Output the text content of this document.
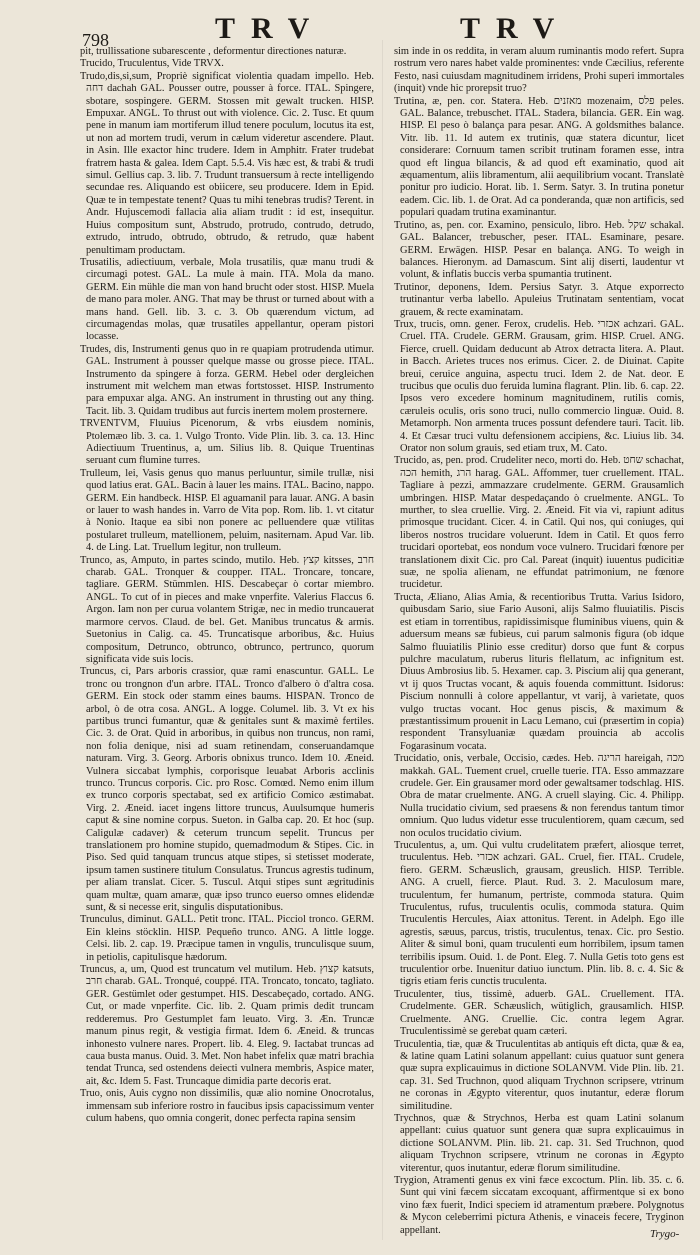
798	TRV	TRV

pit, trullissatione subarescente , deformentur directiones naturæ.

Trucido, Truculentus, Vide TRVX.

Trudo,dis,si,sum, Propriè significat violentia quadam impello. Heb. דחה dachah GAL. Pousser outre, pousser à force. ITAL. Spingere, sbotare, sospingere. GERM. Stossen mit gewalt trucken. HISP. Empuxar. ANGL. To thrust out with violence. Cic. 2. Tusc. Et quum pene in manum iam mortiferum illud tenere poculum, locutus ita est, ut non ad mortem trudi, verum in cælum videretur ascendere. Plaut. in Asin. Ille exactor hinc trudere. Idem in Amphitr. Frater trudebat fratrem hasta & galea. Idem Capt. 5.5.4. Vis hæc est, & trabi & trudi simul. Gellius cap. 3. lib. 7. Trudunt transuersum à recte intelligendo secundae res. Aliquando est obiicere, seu producere. Idem in Epid. Quæ te in tempestate tenent? Quas tu mihi tenebras trudis? Terent. in Andr. Hujuscemodi fallacia alia aliam trudit : id est, insequitur. Huius compositum sunt, Abstrudo, protrudo, contrudo, detrudo, extrudo, intrudo, obtrudo, obtrudo, & retrudo, quæ habent penultimam productam.

Trusatilis, adiectiuum, verbale, Mola trusatilis, quæ manu trudi & circumagi potest. GAL. La mule à main. ITA. Mola da mano. GERM. Ein mühle die man von hand brucht oder stost. HISP. Muela de mano para moler. ANG. That may be thrust or turned about with a mans hand. Gell. lib. 3. c. 3. Ob quærendum victum, ad circumagendas molas, quæ trusatiles appellantur, operam pistori locasse.

Trudes, dis, Instrumenti genus quo in re quapiam protrudenda utimur. GAL. Instrument à pousser quelque masse ou grosse piece. ITAL. Instrumento da spingere à forza. GERM. Hebel oder dergleichen instrument mit welchem man etwas fortstosset. HISP. Instrumento para empuxar alga. ANG. An instrument in thrusting out any thing. Tacit. lib. 3. Quidam trudibus aut furcis inertem molem prosternere.

TRVENTVM, Fluuius Picenorum, & vrbs eiusdem nominis, Ptolemæo lib. 3. ca. 1. Vulgo Tronto. Vide Plin. lib. 3. ca. 13. Hinc Adiectiuum Truentinus, a, um. Silius lib. 8. Quique Truentinas seruant cum flumine turres.

Trulleum, lei, Vasis genus quo manus perluuntur, simile trullæ, nisi quod latius erat. GAL. Bacin à lauer les mains. ITAL. Bacino, nappo. GERM. Ein handbeck. HISP. El aguamanil para lauar. ANG. A basin or lauer to wash handes in. Varro de Vita pop. Rom. lib. 1. vt citatur à Nonio. Itaque ea sibi non ponere ac pelluendere quæ vtilitas postularet trulleum, matellionem, peluim, nasiternam. Apud Var. lib. 4. de Ling. Lat. Truellum legitur, non trulleum.

Trunco, as, Amputo, in partes scindo, mutilo. Heb. קצץ kitsses, חרב charab. GAL. Tronquer & coupper. ITAL. Troncare, toncare, tagliare. GERM. Stümmlen. HIS. Descabeçar ò cortar miembro. ANGL. To cut of in pieces and make vnperfite. Valerius Flaccus 6. Argon. Iam non per curua volantem Strigæ, nec in medio truncauerat marmore cervos. Claud. de bel. Get. Manibus truncatus & armis. Suetonius in Calig. ca. 45. Truncatisque arboribus, &c. Huius compositum, Detrunco, obtrunco, obtrunco, pertrunco, quorum significata vide suis locis.

Truncus, ci, Pars arboris crassior, quæ rami enascuntur. GALL. Le tronc ou trongnon d'un arbre. ITAL. Tronco d'albero ò d'altra cosa. GERM. Ein stock oder stamm eines baums. HISPAN. Tronco de arbol, ò de otra cosa. ANGL. A logge. Columel. lib. 3. Vt ex his partibus trunci fumantur, quæ & genitales sunt & maximè fertiles. Cic. 3. de Orat. Quid in arboribus, in quibus non truncus, non rami, non folia denique, nisi ad suam retinendam, conseruandamque naturam. Virg. 3. Georg. Arboris obnixus trunco. Idem 10. Æneid. Vulnera siccabat lymphis, corporisque leuabat Arboris acclinis trunco. Truncus corporis. Cic. pro Rosc. Comœd. Nemo enim illum ex trunco corporis spectabat, sed ex artificio Comico æstimabat. Virg. 2. Æneid. iacet ingens littore truncus, Auulsumque humeris caput & sine nomine corpus. Sueton. in Galba cap. 20. Et hoc (sup. Caligulæ cadaver) & ceterum truncum sepelit. Truncus per translationem pro homine stupido, quemadmodum & Stipes. Cic. in Piso. Sed quid tanquam truncus atque stipes, si stetisset moderate, ipsum tamen sustinere titulum Consulatus. Truncus agrestis tudinum, per aliam translat. Cicer. 5. Tuscul. Atqui stipes sunt ægritudinis quam multæ, quam amaræ, quæ ipso trunco euerso omnes elidendæ sunt, & si necesse erit, singulis disputationibus.

Trunculus, diminut. GALL. Petit tronc. ITAL. Picciol tronco. GERM. Ein kleins stöcklin. HISP. Pequeño trunco. ANG. A little logge. Celsi. lib. 2. cap. 19. Præcipue tamen in vngulis, trunculisque suum, in petiolis, capitulisque hædorum.

Truncus, a, um, Quod est truncatum vel mutilum. Heb. קצוץ katsuts, חרב charab. GAL. Tronqué, couppé. ITA. Troncato, toncato, tagliato. GER. Gestümlet oder gestumpet. HIS. Descabeçado, cortado. ANG. Cut, or made vnperfite. Cic. lib. 2. Quam primis dedit truncam redderemus. Pro Gestumplet fam leuato. Virg. 3. Æn. Truncæ manum pinus regit, & vestigia firmat. Idem 6. Æneid. & truncas inhonesto vulnere nares. Propert. lib. 4. Eleg. 9. Iactabat truncas ad caua busta manus. Ouid. 3. Met. Non habet infelix quæ matri brachia tendat Trunca, sed ostendens deiecti vulnera membris, Aspice mater, ait, &c. Idem 5. Fast. Truncaque dimidia parte decoris erat.

Truo, onis, Auis cygno non dissimilis, quæ alio nomine Onocrotalus, immensam sub inferiore rostro in faucibus ipsis capacissimum venter culum habens, quo omnia congerit, donec perfecta rapina sensim

sim inde in os reddita, in veram aluum ruminantis modo refert. Supra rostrum vero nares habet valde prominentes: vnde Cæcilius, referente Festo, nasi cuiusdam magnitudinem irridens, Prohi superi immortales (inquit) vnde hic prorepsit truo?

Trutina, æ, pen. cor. Statera. Heb. מאזנים mozenaim, פלס peles. GAL. Balance, trebuschet. ITAL. Stadera, bilancia. GER. Ein wag. HISP. El peso ò balança para pesar. ANG. A goldsmithes balance. Vitr. lib. 11. Id autem ex trutinis, quæ statera dicuntur, licet considerare: Cornuum tamen scribit trutinam foramen esse, intra quod eft lingua bilancis, & ad quod eft examinatio, quod ait æquamentum, aliis libramentum, alii aequilibrium vocant. Translatè ponitur pro iudicio. Horat. lib. 1. Serm. Satyr. 3. In trutina ponetur eadem. Cic. lib. 1. de Orat. Ad ca ponderanda, quæ non artificis, sed populari quadam trutina examinantur.

Trutino, as, pen. cor. Examino, pensiculo, libro. Heb. שקל schakal. GAL. Balancer, trebuscher, peser. ITAL. Esaminare, pesare. GERM. Erwägen. HISP. Pesar en balança. ANG. To weigh in balances. Hieronym. ad Damascum. Sint alij diserti, laudentur vt volunt, & inflatis buccis verba spumantia trutinent.

Trutinor, deponens, Idem. Persius Satyr. 3. Atque exporrecto trutinantur verba labello. Apuleius Trutinatam sententiam, vocat grauem, & recte examinatam.

Trux, trucis, omn. gener. Ferox, crudelis. Heb. אכזרי achzari. GAL. Cruel. ITA. Crudele. GERM. Grausam, grim. HISP. Cruel. ANG. Fierce, cruell. Quidam deducunt ab Atrox detracta litera. A. Plaut. in Bacch. Arietes truces nos erimus. Cicer. 2. de Diuinat. Capite breui, ceruice anguina, aspectu truci. Idem 2. de Nat. deor. E trucibus que oculis duo feruida lumina flagrant. Plin. lib. 6. cap. 22. Ipsos vero excedere hominum magnitudinem, rutilis comis, cæruleis oculis, oris sono truci, nullo commercio linguæ. Ouid. 8. Metamorph. Non armenta truces possunt defendere tauri. Tacit. lib. 4. Et Cæsar truci vultu defensionem accipiens, &c. Liuius lib. 34. Orator non solum grauis, sed etiam trux, M. Cato.

Trucido, as, pen. prod. Crudeliter neco, morti do. Heb. שחט schachat, הכה hemith, הרג harag. GAL. Affommer, tuer cruellement. ITAL. Tagliare à pezzi, ammazzare crudelmente. GERM. Grausamlich umbringen. HISP. Matar despedaçando ò cruelmente. ANGL. To murther, to slea cruellie. Virg. 2. Æneid. Fit via vi, rapiunt aditus primosque trucidant. Cicer. 4. in Catil. Qui nos, qui coniuges, qui liberos nostros trucidare voluerunt. Idem in Catil. Et quos ferro trucidari oportebat, eos nondum voce vulnero. Trucidari fœnore per translationem dixit Cic. pro Cal. Pareat (inquit) iuuentus pudicitiæ suæ, ne spolia alienam, ne effundat patrimonium, ne fœnore trucidetur.

Tructa, Æliano, Alias Amia, & recentioribus Trutta. Varius Isidoro, quibusdam Sario, siue Fario Ausoni, alijs Salmo fluuiatilis. Piscis est etiam in torrentibus, rapidissimisque fluminibus viuens, quin & aduersum means sæ fubieus, cui parum salmonis figura (ob idque Salmo fluuiatilis Plinio esse creditur) dorso que funt & corpus pulchre maculatum, ruberus lituris flellatum, ac infignitum est. Diuus Ambrosius lib. 5. Hexamer. cap. 3. Piscium alij qua generant, vt ij quos Tructas vocant, & aquis fouenda committunt. Isidorus: Piscium nonnulli à colore appellantur, vt varij, à varietate, quos vulgo tructas vocant. Hoc genus piscis, & maximum & præstantissimum prouenit in Lacu Lemano, cui (præsertim in copia) respondent Transyluaniæ quædam prouincia ab accolis Fogarasinum vocata.

Trucidatio, onis, verbale, Occisio, cædes. Heb. הריגה hareigah, מכה makkah. GAL. Tuement cruel, cruelle tuerie. ITA. Esso ammazzare crudele. Ger. Ein grausamer mord oder gewaltsamer todschlag. HIS. Obra de matar cruelmente. ANG. A cruell slaying. Cic. 4. Philipp. Nulla trucidatio civium, sed praesens & non ferendus tantum timor omnium. Quo ludus videtur esse truculentiorem, quam cæcum, sed non oculos trucidatio civium.

Truculentus, a, um. Qui vultu crudelitatem præfert, aliosque terret, truculentus. Heb. אכזרי achzari. GAL. Cruel, fier. ITAL. Crudele, fiero. GERM. Schæuslich, grausam, greuslich. HISP. Terrible. ANG. A cruell, fierce. Plaut. Rud. 3. 2. Maculosum mare, truculentum, fer humanum, pertriste, commoda statura. Quim Truculentus, rufus, truculentis oculis, commoda statura. Quim Truculentis Hercules, Aiax attonitus. Terent. in Adelph. Ego ille agrestis, sæuus, parcus, tristis, truculentus, tenax. Cic. pro Sestio. Aliter & simul boni, quam truculenti eum horribilem, ipsum tamen terribilis ipsum. Ouid. 1. de Pont. Eleg. 7. Nulla Getis toto gens est truculentior orbe. Inuenitur datiuo iunctum. Plin. lib. 8. c. 4. Sic & tigris etiam feris cunctis truculenta.

Truculenter, tius, tissimè, aduerb. GAL. Cruellement. ITA. Crudelmente. GER. Schæuslich, wütiglich, grausamlich. HISP. Cruelmente. ANG. Cruellie. Cic. contra legem Agrar. Truculentissimè se gerebat quam cæteri.

Truculentia, tiæ, quæ & Truculentitas ab antiquis eft dicta, quæ & ea, & latine quam Latini solanum appellant: cuius quatuor sunt genera quæ supra explicauimus in dictione SOLANVM. Vide Plin. lib. 21. cap. 31. Sed Truchnon, quod aliquam Trychnon scripsere, vtrinum ne coronas in Ægypto viterentur, quos inutantur, ederæ florum similitudine.

Trychnos, quæ & Strychnos, Herba est quam Latini solanum appellant: cuius quatuor sunt genera quæ supra explicauimus in dictione SOLANVM. Plin. lib. 21. cap. 31. Sed Truchnon, quod aliquam Trychnon scripsere, vtrinum ne coronas in Ægypto viterentur, quos inutantur, ederæ florum similitudine.

Trygion, Atramenti genus ex vini fæce excoctum. Plin. lib. 35. c. 6. Sunt qui vini fæcem siccatam excoquant, affirmentque si ex bono vino fæx fuerit, Indici speciem id atramentum præbere. Polygnotus & Mycon celeberrimi pictura Athenis, e vinaceis fecere, Tryginon appellant.	Trygo-
